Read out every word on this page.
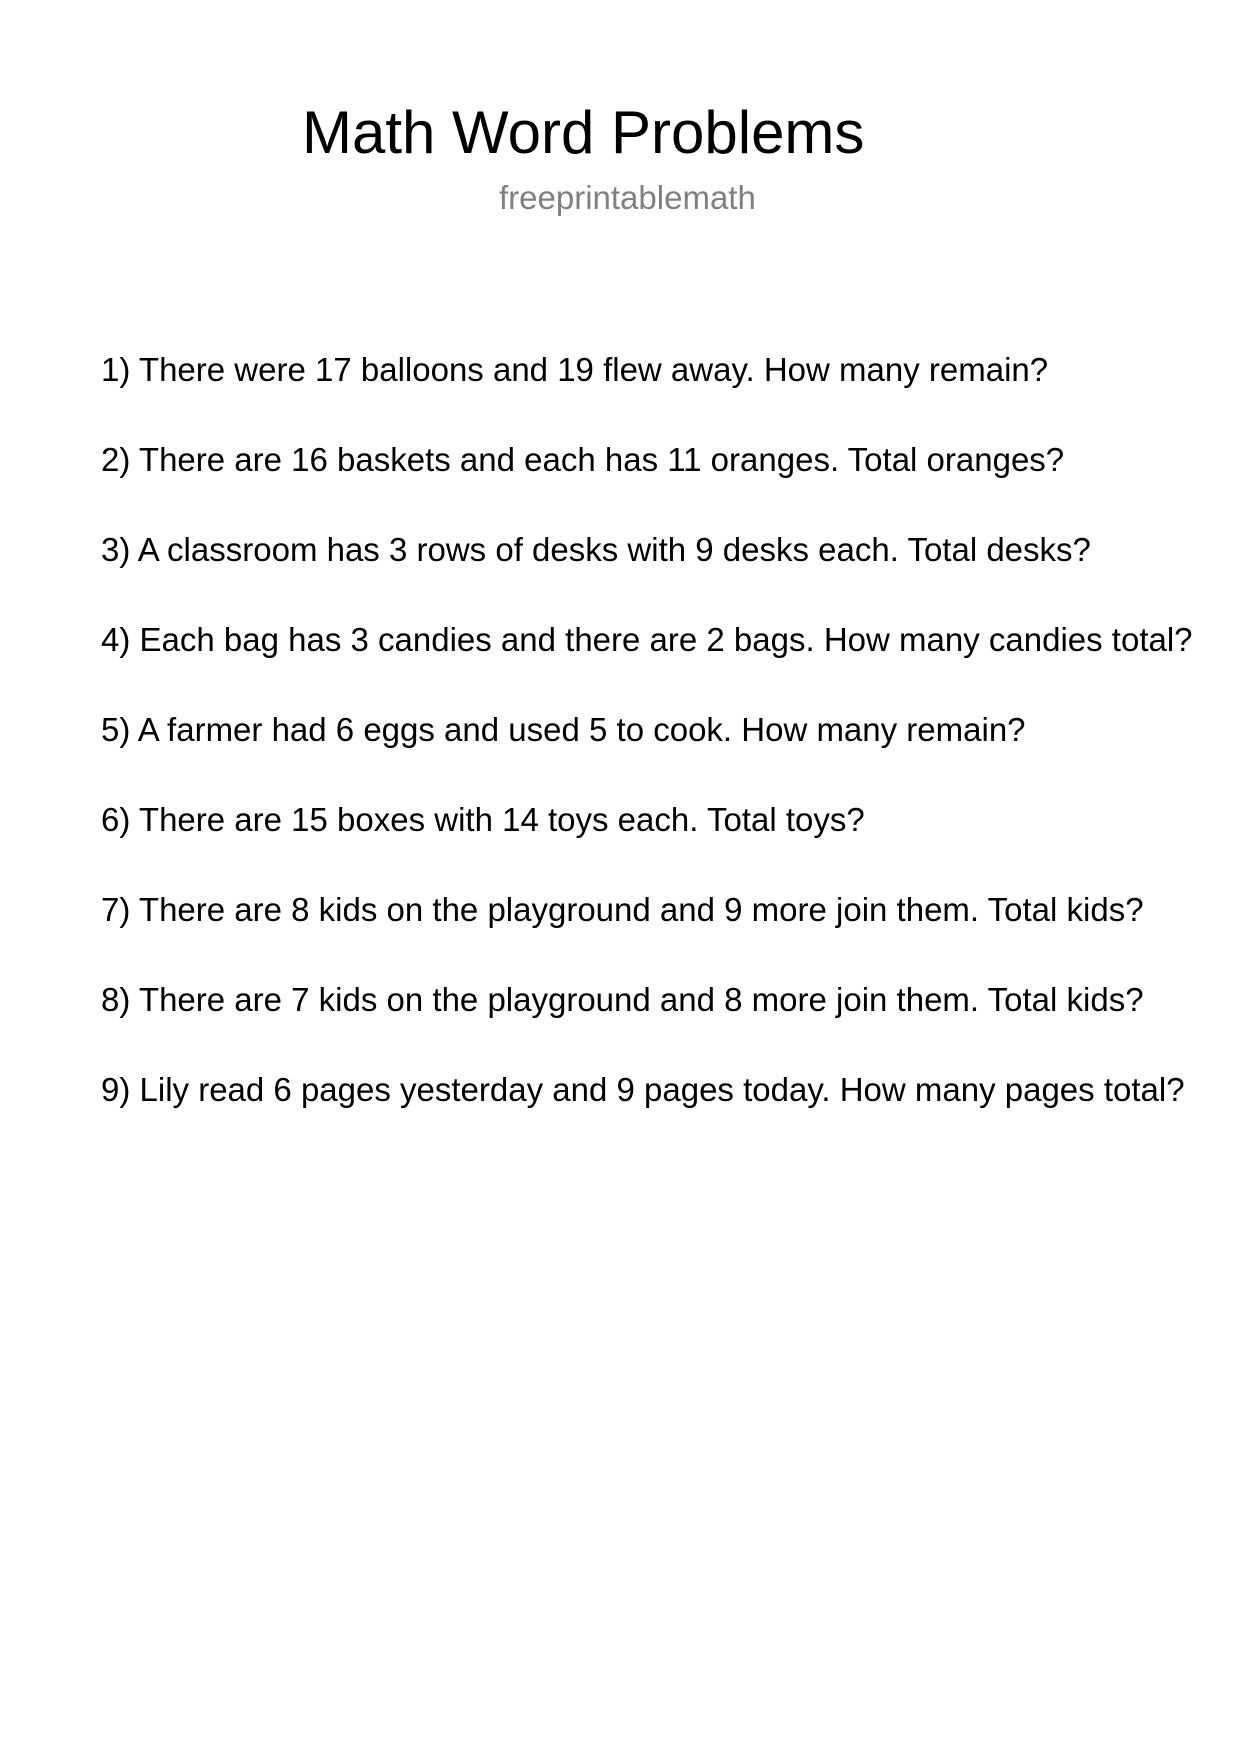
Math Word Problems
freeprintablemath
1) There were 17 balloons and 19 flew away. How many remain?
2) There are 16 baskets and each has 11 oranges. Total oranges?
3) A classroom has 3 rows of desks with 9 desks each. Total desks?
4) Each bag has 3 candies and there are 2 bags. How many candies total?
5) A farmer had 6 eggs and used 5 to cook. How many remain?
6) There are 15 boxes with 14 toys each. Total toys?
7) There are 8 kids on the playground and 9 more join them. Total kids?
8) There are 7 kids on the playground and 8 more join them. Total kids?
9) Lily read 6 pages yesterday and 9 pages today. How many pages total?
